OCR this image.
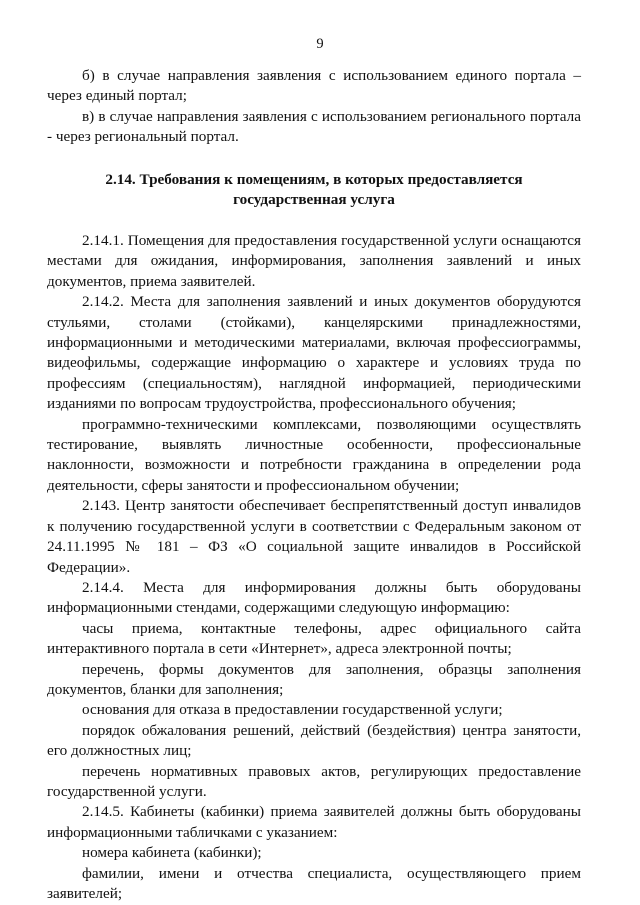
9

б) в случае направления заявления с использованием единого портала – через единый портал;

в) в случае направления заявления с использованием регионального портала - через региональный портал.

2.14. Требования к помещениям, в которых предоставляется
государственная услуга

2.14.1. Помещения для предоставления государственной услуги оснащаются местами для ожидания, информирования, заполнения заявлений и иных документов, приема заявителей.

2.14.2. Места для заполнения заявлений и иных документов оборудуются стульями, столами (стойками), канцелярскими принадлежностями, информационными и методическими материалами, включая профессиограммы, видеофильмы, содержащие информацию о характере и условиях труда по профессиям (специальностям), наглядной информацией, периодическими изданиями по вопросам трудоустройства, профессионального обучения;

программно-техническими комплексами, позволяющими осуществлять тестирование, выявлять личностные особенности, профессиональные наклонности, возможности и потребности гражданина в определении рода деятельности, сферы занятости и профессиональном обучении;

2.143. Центр занятости обеспечивает беспрепятственный доступ инвалидов к получению государственной услуги в соответствии с Федеральным законом от 24.11.1995 № 181 – ФЗ «О социальной защите инвалидов в Российской Федерации».

2.14.4. Места для информирования должны быть оборудованы информационными стендами, содержащими следующую информацию:

часы приема, контактные телефоны, адрес официального сайта интерактивного портала в сети «Интернет», адреса электронной почты;

перечень, формы документов для заполнения, образцы заполнения документов, бланки для заполнения;

основания для отказа в предоставлении государственной услуги;

порядок обжалования решений, действий (бездействия) центра занятости, его должностных лиц;

перечень нормативных правовых актов, регулирующих предоставление государственной услуги.

2.14.5. Кабинеты (кабинки) приема заявителей должны быть оборудованы информационными табличками с указанием:

номера кабинета (кабинки);

фамилии, имени и отчества специалиста, осуществляющего прием заявителей;
